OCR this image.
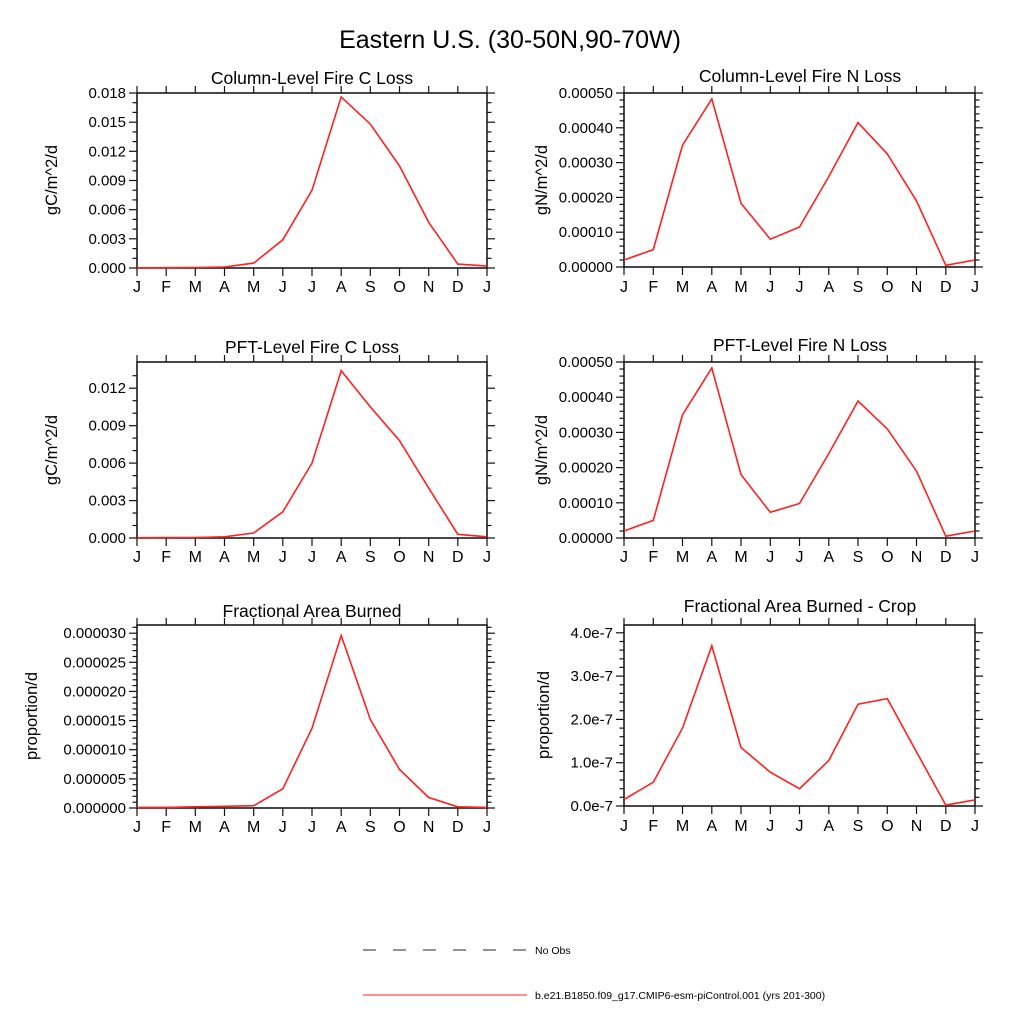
Eastern U.S. (30-50N,90-70W)
Column-Level Fire C Loss
gC/m^2/d
J F M A M J J A S O N D J
0.000
0.003
0.006
0.009
0.012
0.015
0.018
Column-Level Fire N Loss
gN/m^2/d
J F M A M J J A S O N D J
0.00000
0.00010
0.00020
0.00030
0.00040
0.00050
PFT-Level Fire C Loss
gC/m^2/d
J F M A M J J A S O N D J
0.000
0.003
0.006
0.009
0.012
PFT-Level Fire N Loss
gN/m^2/d
J F M A M J J A S O N D J
0.00000
0.00010
0.00020
0.00030
0.00040
0.00050
Fractional Area Burned
proportion/d
J F M A M J J A S O N D J
0.000000
0.000005
0.000010
0.000015
0.000020
0.000025
0.000030
Fractional Area Burned - Crop
proportion/d
J F M A M J J A S O N D J
0.0e-7
1.0e-7
2.0e-7
3.0e-7
4.0e-7
No Obs
b.e21.B1850.f09_g17.CMIP6-esm-piControl.001 (yrs 201-300)
